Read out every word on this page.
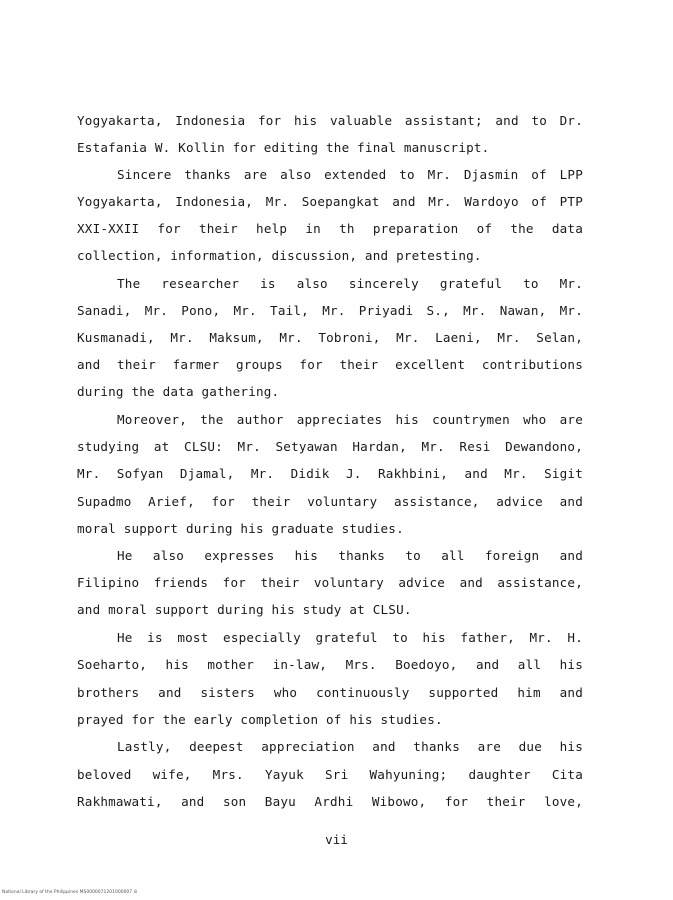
Yogyakarta, Indonesia for his valuable assistant; and to Dr.
Estafania W. Kollin for editing the final manuscript.
Sincere thanks are also extended to Mr. Djasmin of LPP
Yogyakarta, Indonesia, Mr. Soepangkat and Mr. Wardoyo of PTP
XXI-XXII for their help in th preparation of the data
collection, information, discussion, and pretesting.
The researcher is also sincerely grateful to Mr.
Sanadi, Mr. Pono, Mr. Tail, Mr. Priyadi S., Mr. Nawan, Mr.
Kusmanadi, Mr. Maksum, Mr. Tobroni, Mr. Laeni, Mr. Selan,
and their farmer groups for their excellent contributions
during the data gathering.
Moreover, the author appreciates his countrymen who are
studying at CLSU: Mr. Setyawan Hardan, Mr. Resi Dewandono,
Mr. Sofyan Djamal, Mr. Didik J. Rakhbini, and Mr. Sigit
Supadmo Arief, for their voluntary assistance, advice and
moral support during his graduate studies.
He also expresses his thanks to all foreign and
Filipino friends for their voluntary advice and assistance,
and moral support during his study at CLSU.
He is most especially grateful to his father, Mr. H.
Soeharto, his mother in-law, Mrs. Boedoyo, and all his
brothers and sisters who continuously supported him and
prayed for the early completion of his studies.
Lastly, deepest appreciation and thanks are due his
beloved wife, Mrs. Yayuk Sri Wahyuning; daughter Cita
Rakhmawati, and son Bayu Ardhi Wibowo, for their love,
vii
National Library of the Philippines MS0000071201000007 iii
